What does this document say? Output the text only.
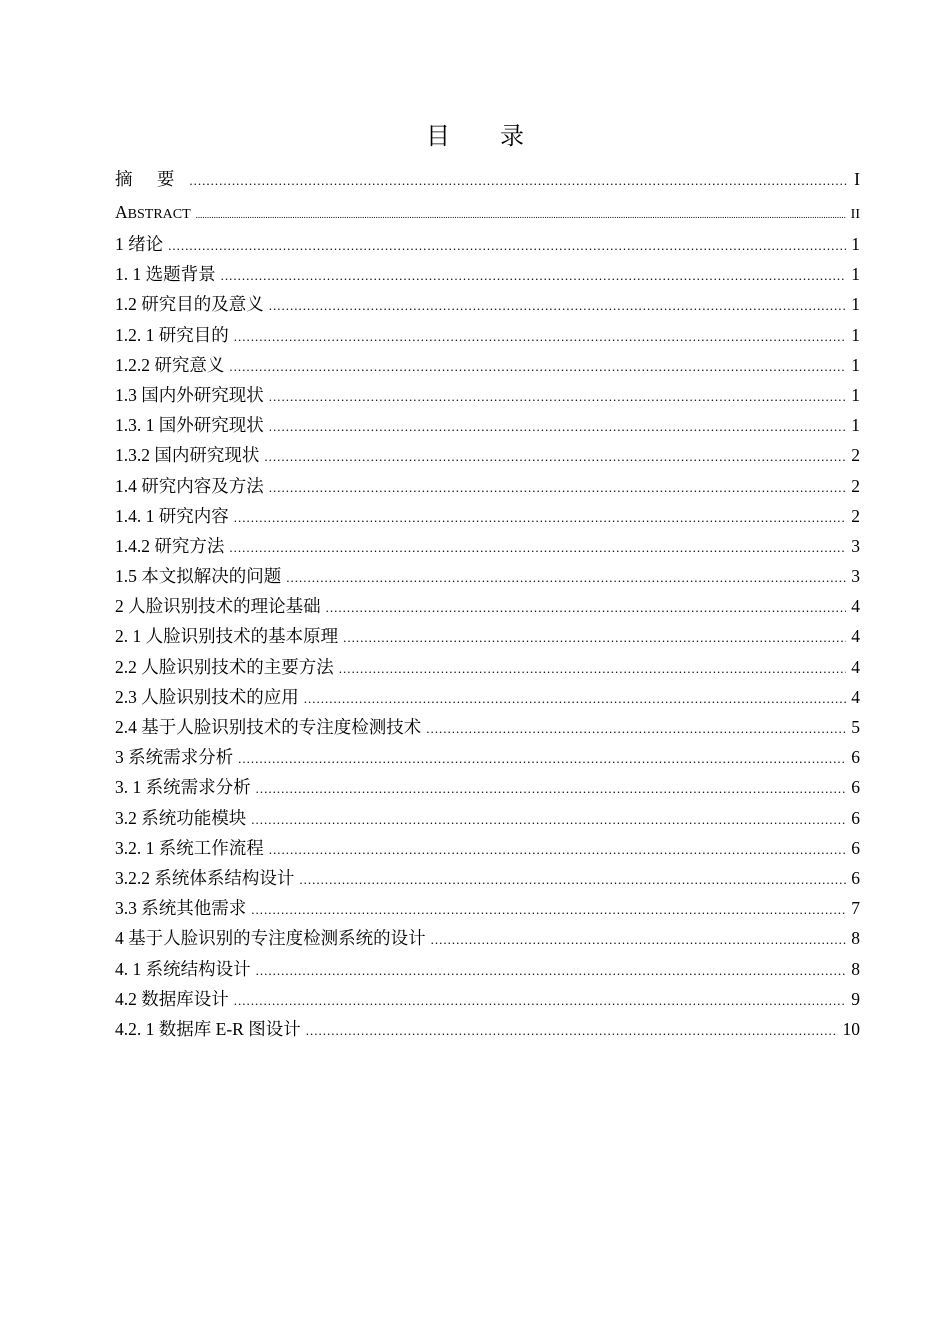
目 录
摘 要 .....	I
ABSTRACT .....	II
1 绪论 .....	1
1. 1 选题背景 .....	1
1.2 研究目的及意义 .....	1
1.2. 1 研究目的 .....	1
1.2.2 研究意义 .....	1
1.3 国内外研究现状 .....	1
1.3. 1 国外研究现状 .....	1
1.3.2 国内研究现状 .....	2
1.4 研究内容及方法 .....	2
1.4. 1 研究内容 .....	2
1.4.2 研究方法 .....	3
1.5 本文拟解决的问题 .....	3
2 人脸识别技术的理论基础 .....	4
2. 1 人脸识别技术的基本原理 .....	4
2.2 人脸识别技术的主要方法 .....	4
2.3 人脸识别技术的应用 .....	4
2.4 基于人脸识别技术的专注度检测技术 .....	5
3 系统需求分析 .....	6
3. 1 系统需求分析 .....	6
3.2 系统功能模块 .....	6
3.2. 1 系统工作流程 .....	6
3.2.2 系统体系结构设计 .....	6
3.3 系统其他需求 .....	7
4 基于人脸识别的专注度检测系统的设计 .....	8
4. 1 系统结构设计 .....	8
4.2 数据库设计 .....	9
4.2. 1 数据库 E-R 图设计 .....	10
